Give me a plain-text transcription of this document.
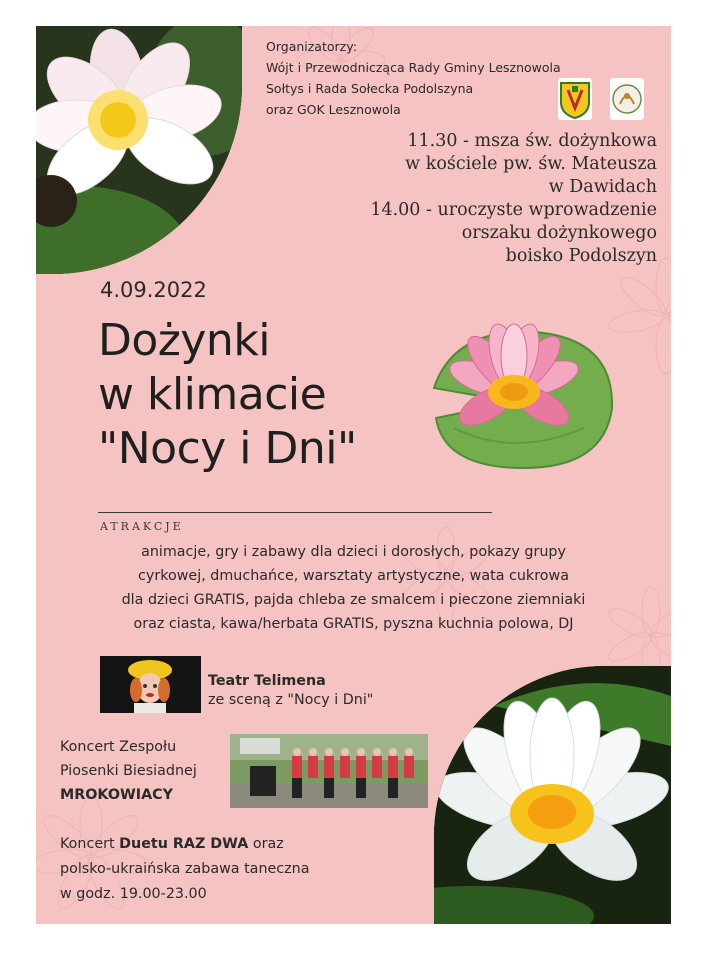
Organizatorzy:
Wójt i Przewodnicząca Rady Gminy Lesznowola
Sołtys i Rada Sołecka Podolszyna
oraz GOK Lesznowola
11.30 - msza św. dożynkowa
w kościele pw. św. Mateusza
w Dawidach
14.00 - uroczyste wprowadzenie
orszaku dożynkowego
boisko Podolszyn
4.09.2022
Dożynki
w klimacie
"Nocy i Dni"
ATRAKCJE
animacje, gry i zabawy dla dzieci i dorosłych, pokazy grupy
cyrkowej, dmuchańce, warsztaty artystyczne, wata cukrowa
dla dzieci GRATIS, pajda chleba ze smalcem i pieczone ziemniaki
oraz ciasta, kawa/herbata GRATIS, pyszna kuchnia polowa, DJ
Teatr Telimena
ze sceną z "Nocy i Dni"
Koncert Zespołu
Piosenki Biesiadnej
MROKOWIACY
Koncert Duetu RAZ DWA oraz
polsko-ukraińska zabawa taneczna
w godz. 19.00-23.00
